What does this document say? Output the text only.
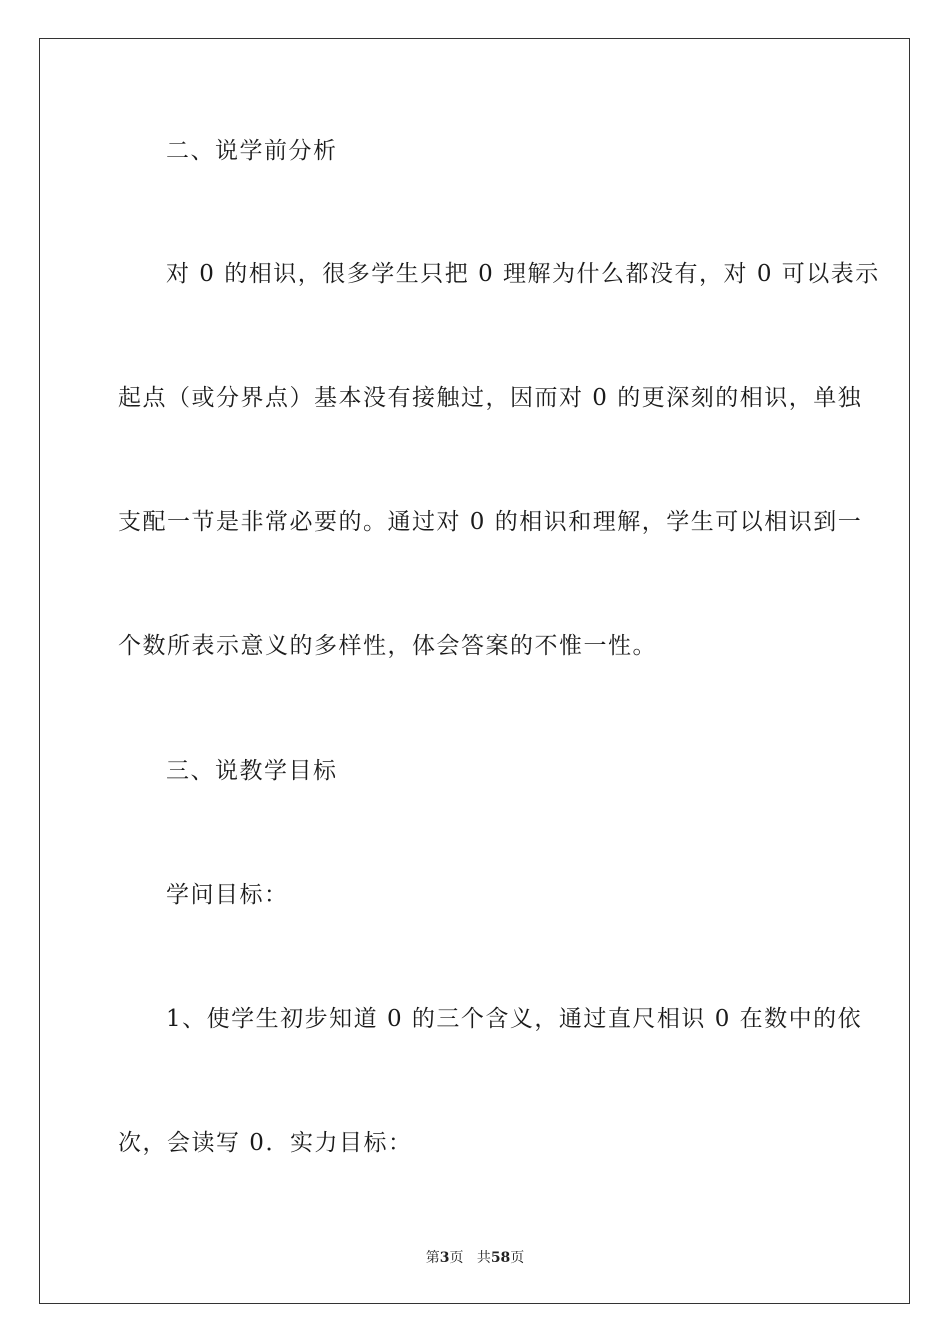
二、说学前分析
对 0 的相识，很多学生只把 0 理解为什么都没有，对 0 可以表示
起点（或分界点）基本没有接触过，因而对 0 的更深刻的相识，单独
支配一节是非常必要的。通过对 0 的相识和理解，学生可以相识到一
个数所表示意义的多样性，体会答案的不惟一性。
三、说教学目标
学问目标：
1、使学生初步知道 0 的三个含义，通过直尺相识 0 在数中的依
次，会读写 0．实力目标：
第3页 共58页
